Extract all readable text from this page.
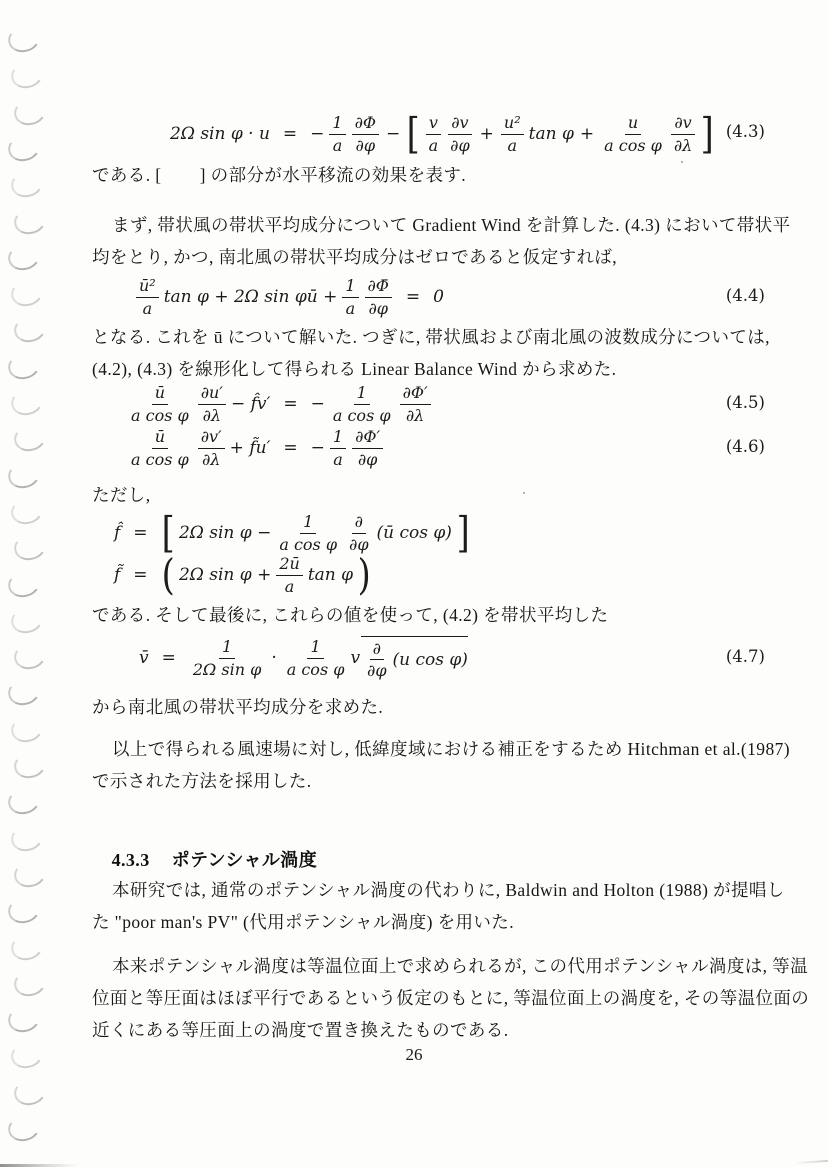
2Ω sin φ · u = − $\frac{1}{a} \frac{\partial\Phi}{\partial\varphi}$ − [ $\frac{v}{a} \frac{\partial v}{\partial\varphi} + \frac{\text{u²}}{a}$ $\tan \varphi + \frac{u}{\text{a cos φ}} \frac{\partial v}{\partial\lambda}$ ] (4.3)
である. [        ] の部分が水平移流の効果を表す.
まず, 帯状風の帯状平均成分について Gradient Wind を計算した. (4.3) において帯状平
均をとり, かつ, 南北風の帯状平均成分はゼロであると仮定すれば,
$\frac{\text{ū²}}{a}$ tan φ + 2Ω sin φū + $\frac{1}{a} \frac{\partial\Phī}{\partial\varphi} = 0$	(4.4)
となる. これを ū について解いた. つぎに, 帯状風および南北風の波数成分については,
(4.2), (4.3) を線形化して得られる Linear Balance Wind から求めた.
$\frac{ū}{\text{a cos φ}} \frac{\partial u'}{\partial\lambda}$ − f̂v′ = − $\frac{1}{\text{a cos φ}} \frac{\partial\Phi'}{\partial\lambda}$	(4.5)
$\frac{ū}{\text{a cos φ}} \frac{\partial v'}{\partial\lambda}$ + f̃u′ = − $\frac{1}{a} \frac{\partial\Phi'}{\partial\varphi}$	(4.6)
ただし,
f̂ = [ 2Ω $\sin \varphi - \frac{1}{\text{a cos φ}} \frac{\partial}{\partial\varphi}$ (ū cos φ) ]
f̃ = ( 2Ω $\sin \varphi + \frac{2ū}{a}$ tan φ )
である. そして最後に, これらの値を使って, (4.2) を帯状平均した
v̄ = $\frac{1}{\text{2Ω sin φ}} \cdot \frac{1}{\text{a cos φ}}$ v $\frac{\partial}{\partial\varphi} (u$ cos φ)	(4.7)
から南北風の帯状平均成分を求めた.
以上で得られる風速場に対し, 低緯度域における補正をするため Hitchman et al.(1987)
で示された方法を採用した.

4.3.3 ポテンシャル渦度

本研究では, 通常のポテンシャル渦度の代わりに, Baldwin and Holton (1988) が提唱し
た "poor man's PV" (代用ポテンシャル渦度) を用いた.
本来ポテンシャル渦度は等温位面上で求められるが, この代用ポテンシャル渦度は, 等温
位面と等圧面はほぼ平行であるという仮定のもとに, 等温位面上の渦度を, その等温位面の
近くにある等圧面上の渦度で置き換えたものである.
26
